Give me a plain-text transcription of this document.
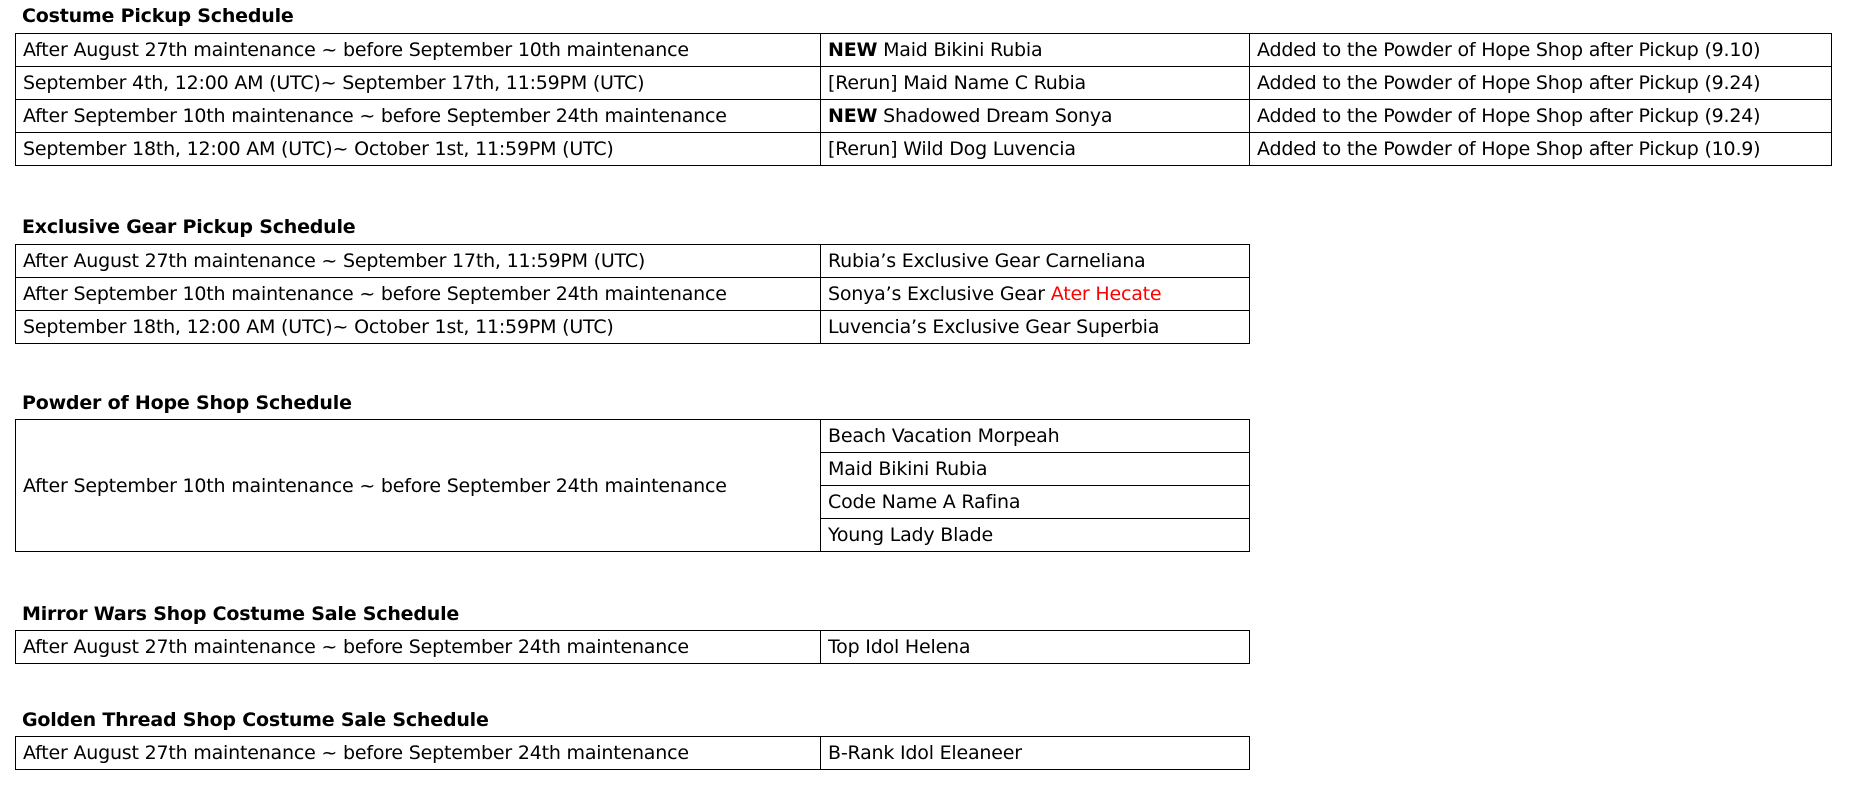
Costume Pickup Schedule
After August 27th maintenance ~ before September 10th maintenance	NEW Maid Bikini Rubia	Added to the Powder of Hope Shop after Pickup (9.10)
September 4th, 12:00 AM (UTC)~ September 17th, 11:59PM (UTC)	[Rerun] Maid Name C Rubia	Added to the Powder of Hope Shop after Pickup (9.24)
After September 10th maintenance ~ before September 24th maintenance	NEW Shadowed Dream Sonya	Added to the Powder of Hope Shop after Pickup (9.24)
September 18th, 12:00 AM (UTC)~ October 1st, 11:59PM (UTC)	[Rerun] Wild Dog Luvencia	Added to the Powder of Hope Shop after Pickup (10.9)
Exclusive Gear Pickup Schedule
After August 27th maintenance ~ September 17th, 11:59PM (UTC)	Rubia’s Exclusive Gear Carneliana
After September 10th maintenance ~ before September 24th maintenance	Sonya’s Exclusive Gear Ater Hecate
September 18th, 12:00 AM (UTC)~ October 1st, 11:59PM (UTC)	Luvencia’s Exclusive Gear Superbia
Powder of Hope Shop Schedule
After September 10th maintenance ~ before September 24th maintenance	Beach Vacation Morpeah
Maid Bikini Rubia
Code Name A Rafina
Young Lady Blade
Mirror Wars Shop Costume Sale Schedule
After August 27th maintenance ~ before September 24th maintenance	Top Idol Helena
Golden Thread Shop Costume Sale Schedule
After August 27th maintenance ~ before September 24th maintenance	B-Rank Idol Eleaneer
